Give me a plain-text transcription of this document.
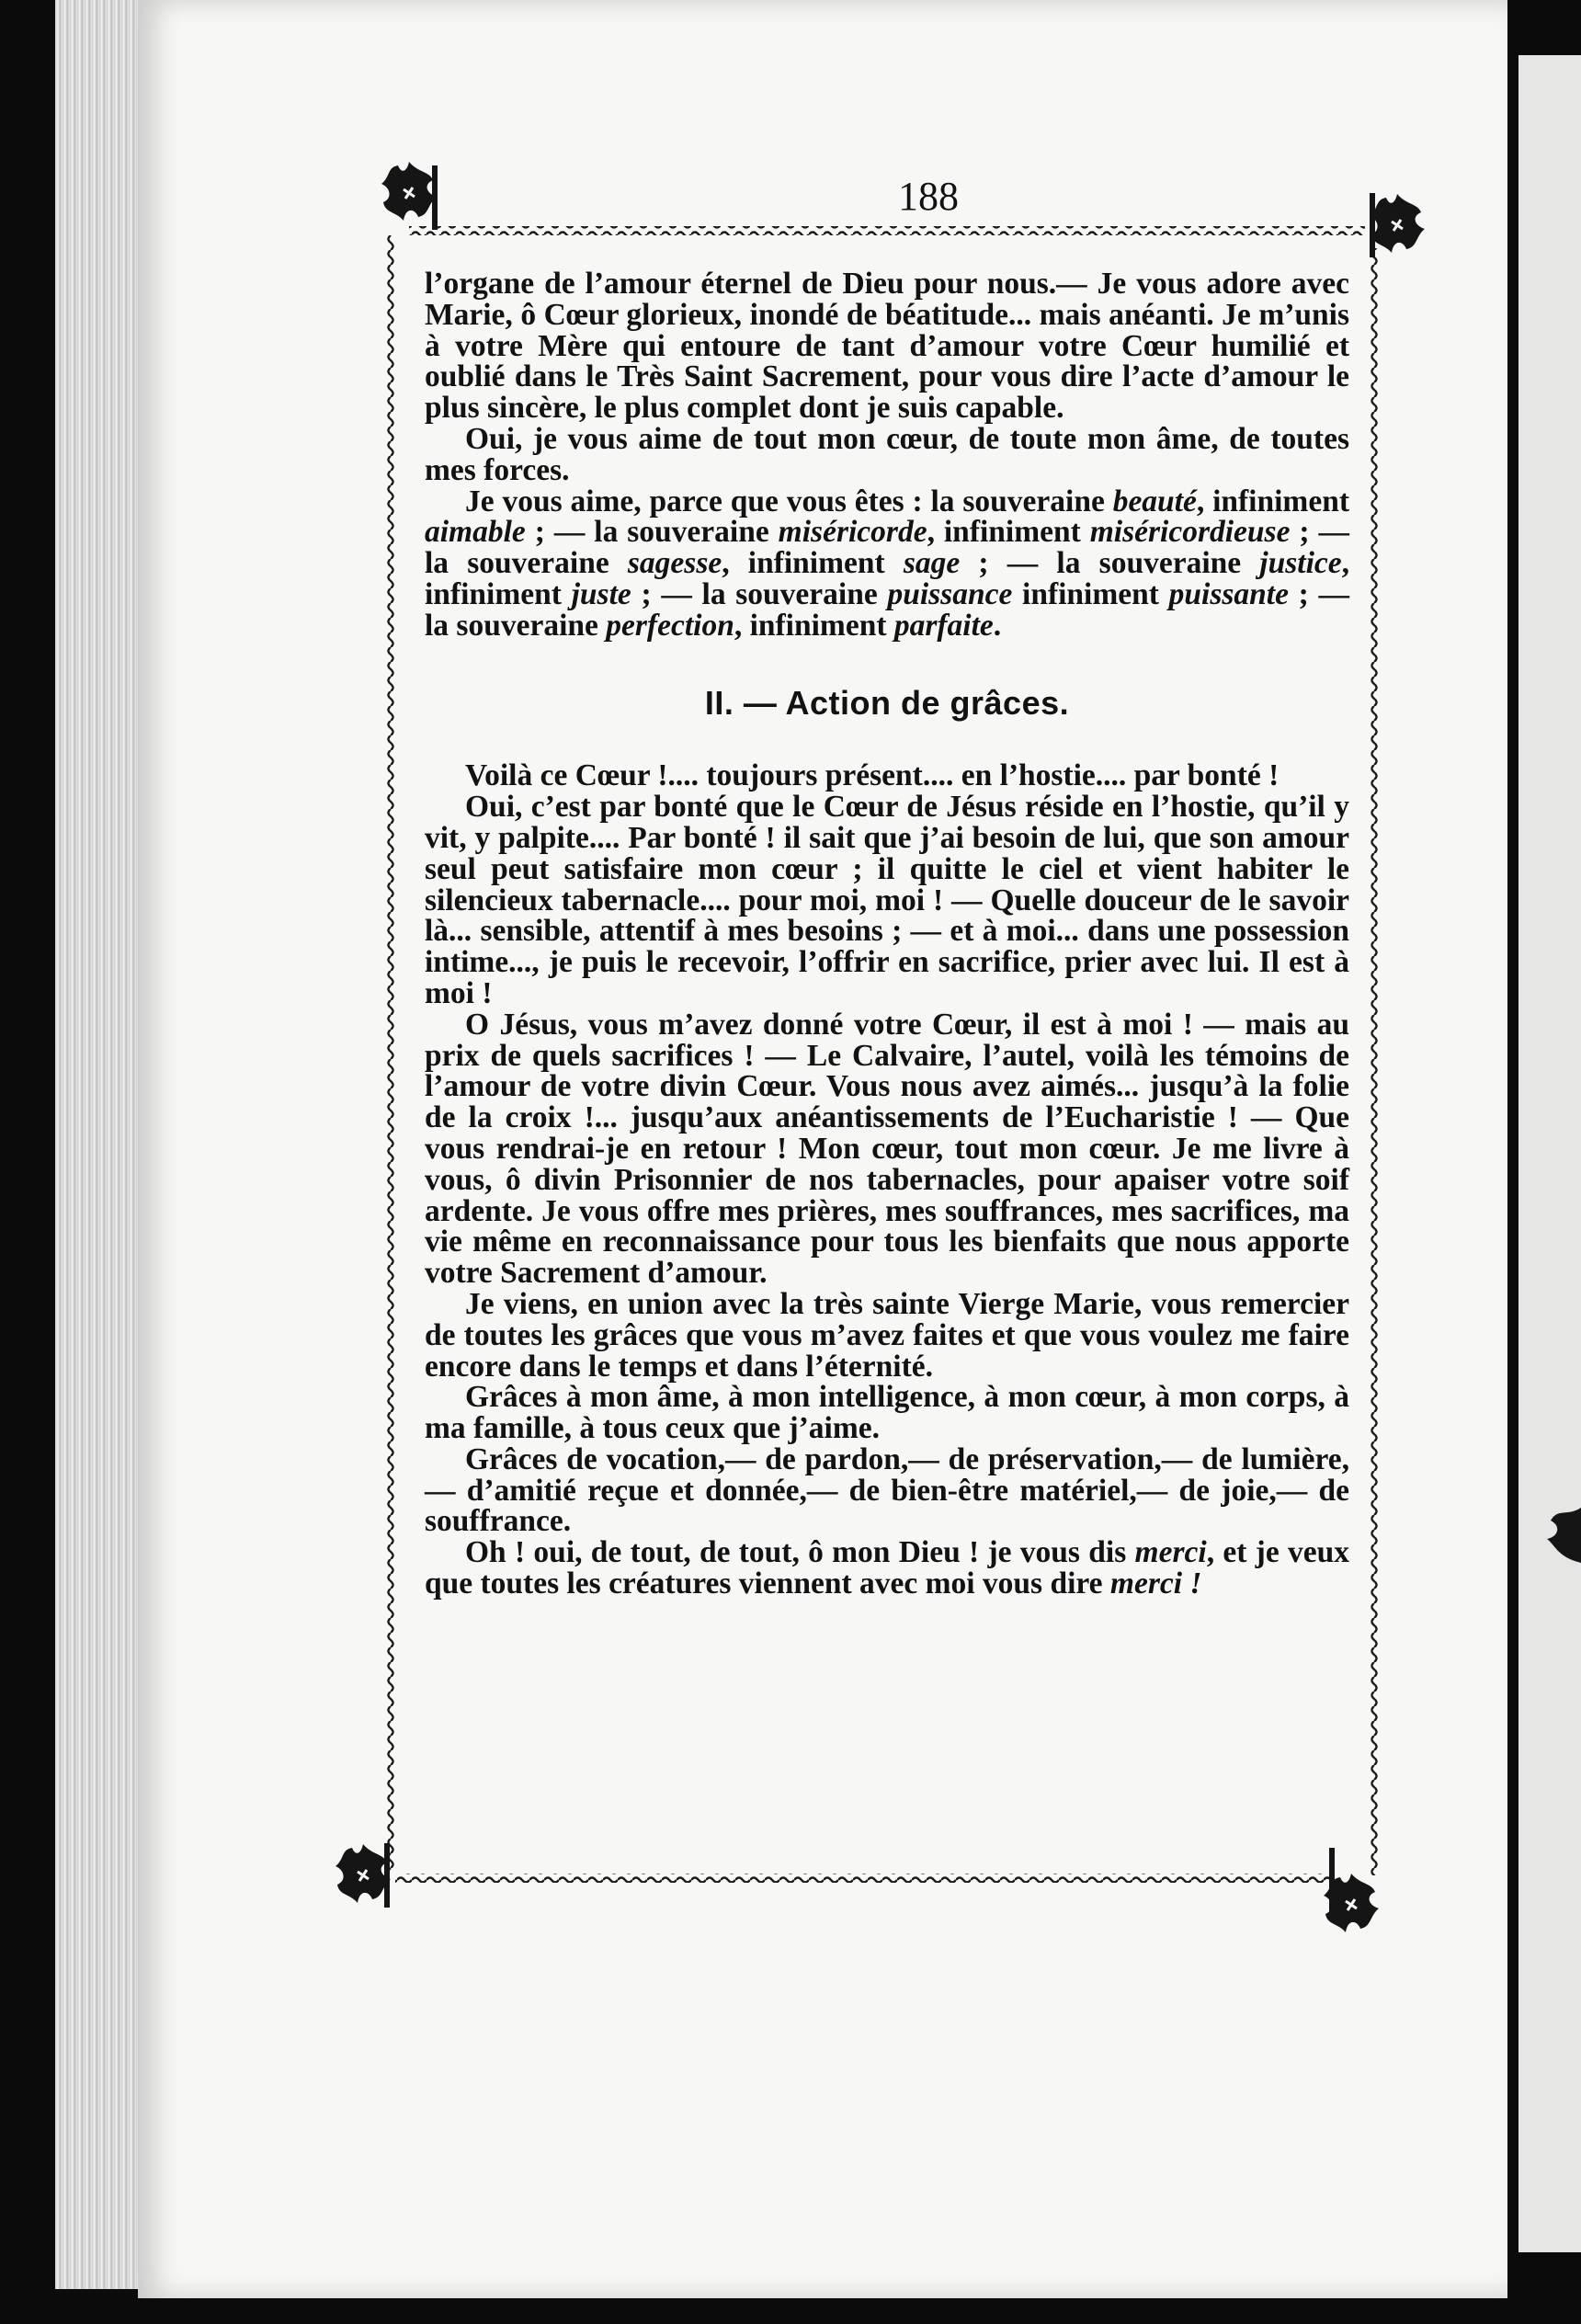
188

l’organe de l’amour éternel de Dieu pour nous.— Je vous adore avec Marie, ô Cœur glorieux, inondé de béatitude... mais anéanti. Je m’unis à votre Mère qui entoure de tant d’amour votre Cœur humilié et oublié dans le Très Saint Sacrement, pour vous dire l’acte d’amour le plus sincère, le plus complet dont je suis capable.

Oui, je vous aime de tout mon cœur, de toute mon âme, de toutes mes forces.

Je vous aime, parce que vous êtes : la souveraine beauté, infiniment aimable ; — la souveraine miséricorde, infiniment miséricordieuse ; — la souveraine sagesse, infiniment sage ; — la souveraine justice, infiniment juste ; — la souveraine puissance infiniment puissante ; — la souveraine perfection, infiniment parfaite.

II. — Action de grâces.

Voilà ce Cœur !.... toujours présent.... en l’hostie.... par bonté !

Oui, c’est par bonté que le Cœur de Jésus réside en l’hostie, qu’il y vit, y palpite.... Par bonté ! il sait que j’ai besoin de lui, que son amour seul peut satisfaire mon cœur ; il quitte le ciel et vient habiter le silencieux tabernacle.... pour moi, moi ! — Quelle douceur de le savoir là... sensible, attentif à mes besoins ; — et à moi... dans une possession intime..., je puis le recevoir, l’offrir en sacrifice, prier avec lui. Il est à moi !

O Jésus, vous m’avez donné votre Cœur, il est à moi ! — mais au prix de quels sacrifices ! — Le Calvaire, l’autel, voilà les témoins de l’amour de votre divin Cœur. Vous nous avez aimés... jusqu’à la folie de la croix !... jusqu’aux anéantissements de l’Eucharistie ! — Que vous rendrai-je en retour ! Mon cœur, tout mon cœur. Je me livre à vous, ô divin Prisonnier de nos tabernacles, pour apaiser votre soif ardente. Je vous offre mes prières, mes souffrances, mes sacrifices, ma vie même en reconnaissance pour tous les bienfaits que nous apporte votre Sacrement d’amour.

Je viens, en union avec la très sainte Vierge Marie, vous remercier de toutes les grâces que vous m’avez faites et que vous voulez me faire encore dans le temps et dans l’éternité.

Grâces à mon âme, à mon intelligence, à mon cœur, à mon corps, à ma famille, à tous ceux que j’aime.

Grâces de vocation,— de pardon,— de préservation,— de lumière,— d’amitié reçue et donnée,— de bien-être matériel,— de joie,— de souffrance.

Oh ! oui, de tout, de tout, ô mon Dieu ! je vous dis merci, et je veux que toutes les créatures viennent avec moi vous dire merci !
